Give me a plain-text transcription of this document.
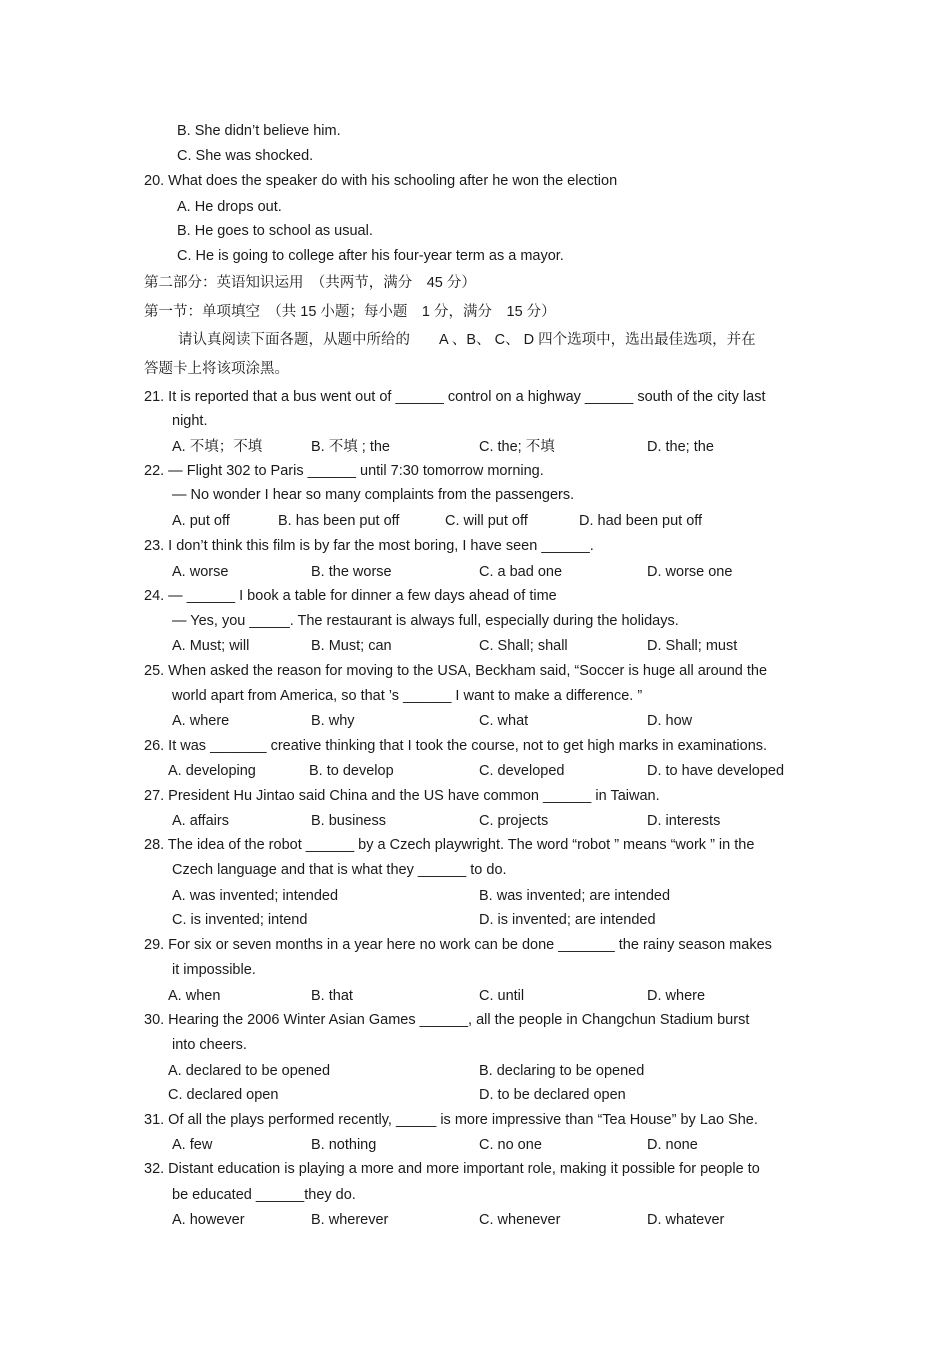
B. She didn’t believe him.
C. She was shocked.
20. What does the speaker do with his schooling after he won the election
A. He drops out.
B. He goes to school as usual.
C. He is going to college after his four-year term as a mayor.
第二部分：英语知识运用　（共两节，满分　45 分）
第一节：单项填空　（共 15 小题；每小题　1 分，满分　15 分）
请认真阅读下面各题，从题中所给的　　A 、B、 C、 D 四个选项中，选出最佳选项，并在
答题卡上将该项涂黑。
21. It is reported that a bus went out of ______ control on a highway ______ south of the city last
night.
A. 不填；不填	B. 不填 ; the	C. the; 不填	D. the; the
22. — Flight 302 to Paris ______ until 7:30 tomorrow morning.
— No wonder I hear so many complaints from the passengers.
A. put off	B. has been put off	C. will put off	D. had been put off
23. I don’t think this film is by far the most boring, I have seen ______.
A. worse	B. the worse	C. a bad one	D. worse one
24. — ______ I book a table for dinner a few days ahead of time
— Yes, you _____. The restaurant is always full, especially during the holidays.
A. Must; will	B. Must; can	C. Shall; shall	D. Shall; must
25. When asked the reason for moving to the USA, Beckham said, “Soccer is huge all around the
world apart from America, so that ’s ______ I want to make a difference. ”
A. where	B. why	C. what	D. how
26. It was _______ creative thinking that I took the course, not to get high marks in examinations.
A. developing	B. to develop	C. developed	D. to have developed
27. President Hu Jintao said China and the US have common ______ in Taiwan.
A. affairs	B. business	C. projects	D. interests
28. The idea of the robot ______ by a Czech playwright. The word “robot ” means “work ” in the
Czech language and that is what they ______ to do.
A. was invented; intended	B. was invented; are intended
C. is invented; intend	D. is invented; are intended
29. For six or seven months in a year here no work can be done _______ the rainy season makes
it impossible.
A. when	B. that	C. until	D. where
30. Hearing the 2006 Winter Asian Games ______, all the people in Changchun Stadium burst
into cheers.
A. declared to be opened	B. declaring to be opened
C. declared open	D. to be declared open
31. Of all the plays performed recently, _____ is more impressive than “Tea House” by Lao She.
A. few	B. nothing	C. no one	D. none
32. Distant education is playing a more and more important role, making it possible for people to
be educated ______they do.
A. however	B. wherever	C. whenever	D. whatever
